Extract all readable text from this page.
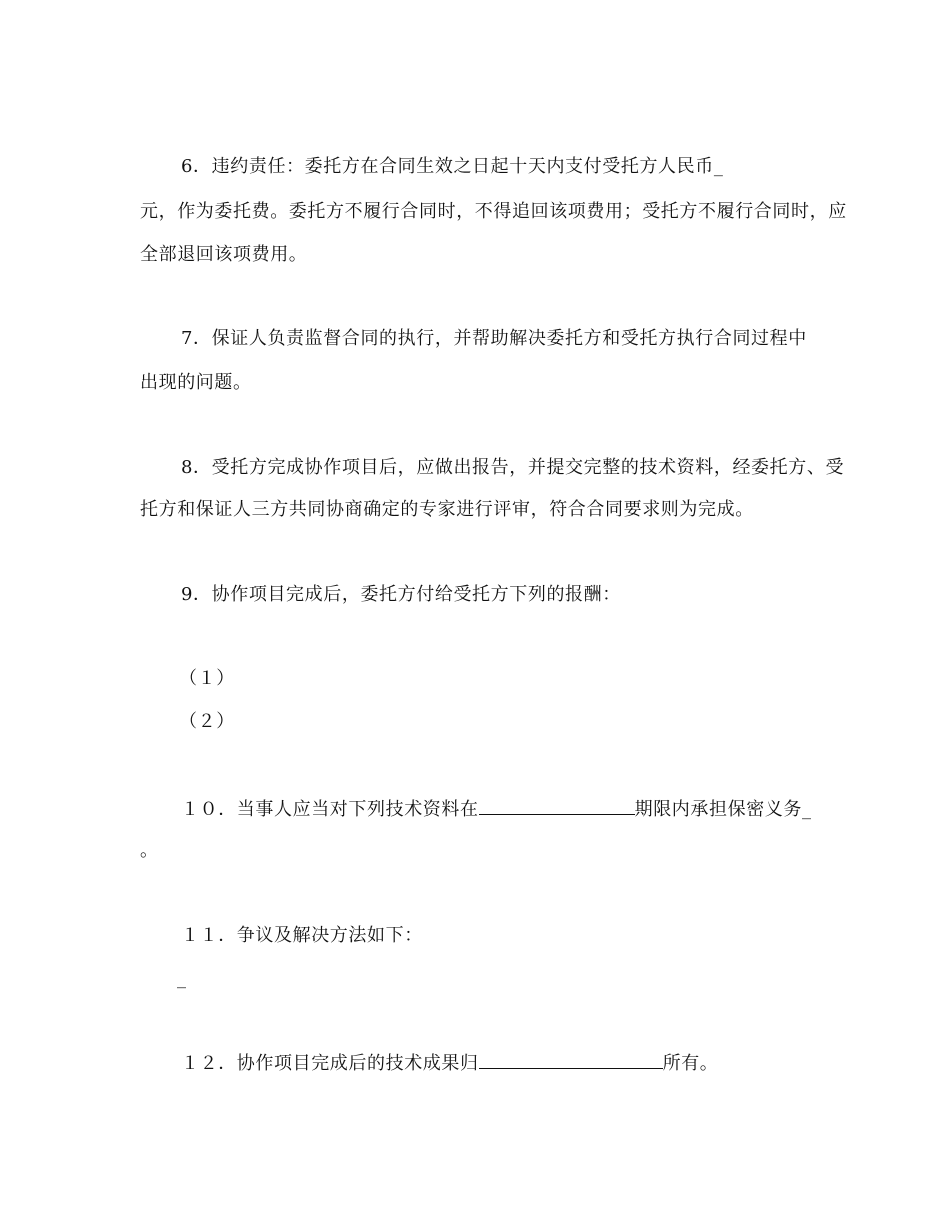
6．违约责任：委托方在合同生效之日起十天内支付受托方人民币_
元，作为委托费。委托方不履行合同时，不得追回该项费用；受托方不履行合同时，应
全部退回该项费用。
7．保证人负责监督合同的执行，并帮助解决委托方和受托方执行合同过程中
出现的问题。
8．受托方完成协作项目后，应做出报告，并提交完整的技术资料，经委托方、受
托方和保证人三方共同协商确定的专家进行评审，符合合同要求则为完成。
9．协作项目完成后，委托方付给受托方下列的报酬：
（１）
（２）
１０．当事人应当对下列技术资料在	期限内承担保密义务_
。
１１．争议及解决方法如下：
_
１２．协作项目完成后的技术成果归	所有。
